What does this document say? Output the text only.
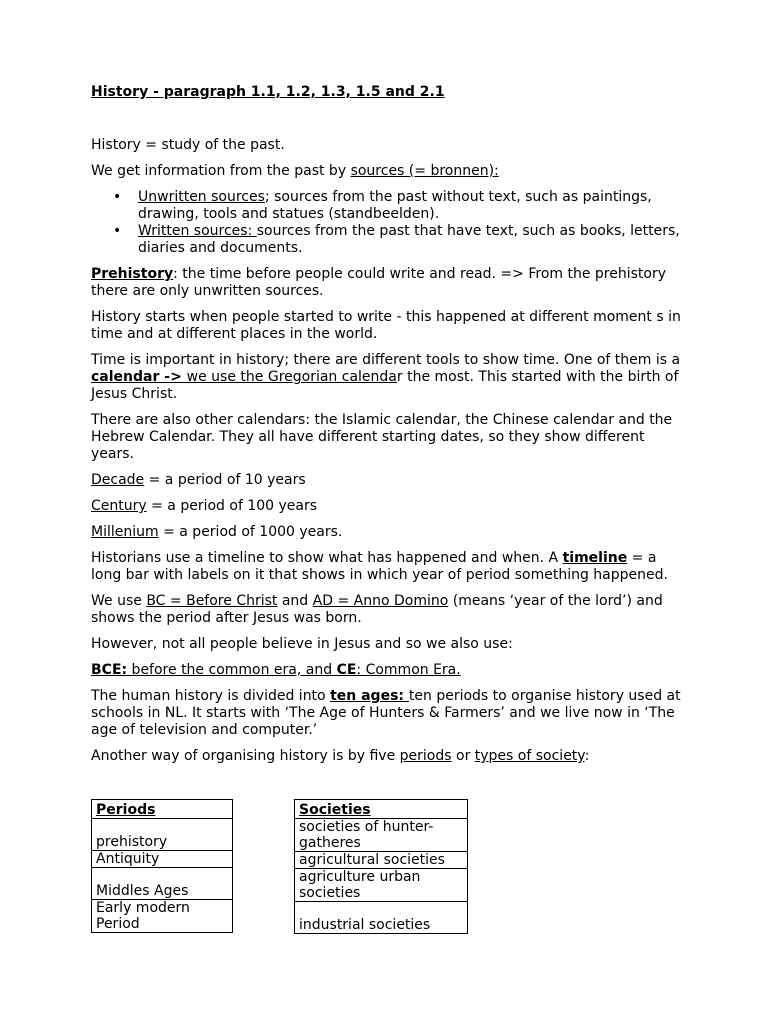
History - paragraph 1.1, 1.2, 1.3, 1.5 and 2.1

History = study of the past.

We get information from the past by sources (= bronnen):

• Unwritten sources; sources from the past without text, such as paintings, drawing, tools and statues (standbeelden).
• Written sources: sources from the past that have text, such as books, letters, diaries and documents.

Prehistory: the time before people could write and read. => From the prehistory there are only unwritten sources.

History starts when people started to write - this happened at different moment s in time and at different places in the world.

Time is important in history; there are different tools to show time. One of them is a calendar -> we use the Gregorian calendar the most. This started with the birth of Jesus Christ.

There are also other calendars: the Islamic calendar, the Chinese calendar and the Hebrew Calendar. They all have different starting dates, so they show different years.

Decade = a period of 10 years

Century = a period of 100 years

Millenium = a period of 1000 years.

Historians use a timeline to show what has happened and when. A timeline = a long bar with labels on it that shows in which year of period something happened.

We use BC = Before Christ and AD = Anno Domino (means ‘year of the lord’) and shows the period after Jesus was born.

However, not all people believe in Jesus and so we also use:

BCE: before the common era, and CE: Common Era.

The human history is divided into ten ages: ten periods to organise history used at schools in NL. It starts with ‘The Age of Hunters & Farmers’ and we live now in ‘The age of television and computer.’

Another way of organising history is by five periods or types of society:

Periods
prehistory
Antiquity
Middles Ages
Early modern Period
Societies
societies of hunter-gatheres
agricultural societies
agriculture urban societies
industrial societies
